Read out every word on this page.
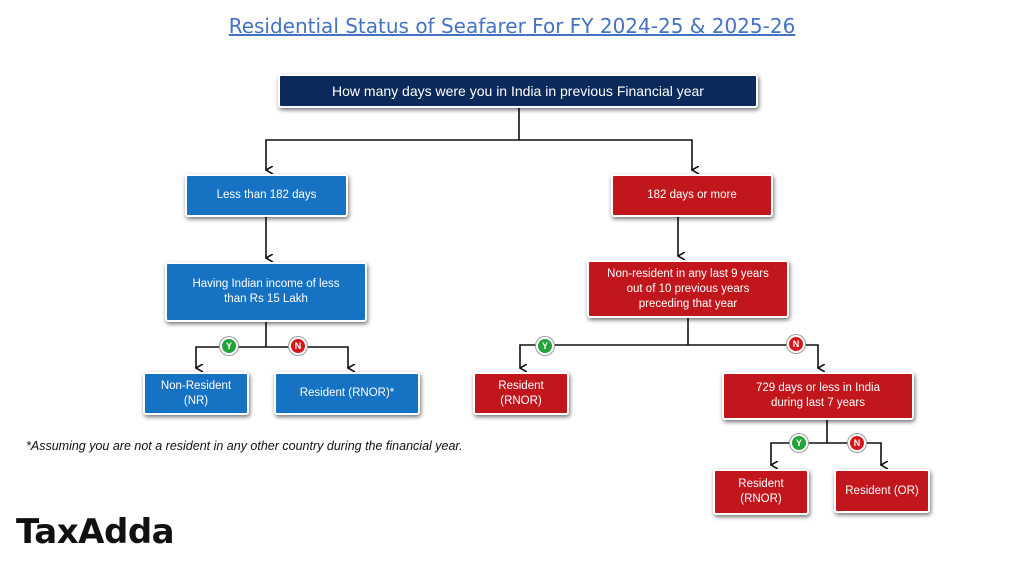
Residential Status of Seafarer For FY 2024-25 & 2025-26
How many days were you in India in previous Financial year
Less than 182 days	182 days or more
Having Indian income of less than Rs 15 Lakh
Non-resident in any last 9 years out of 10 previous years preceding that year
Y	N	Y	N
Y	N
Non-Resident (NR)
Resident (RNOR)*
Resident (RNOR)
729 days or less in India during last 7 years
Resident (RNOR)
Resident (OR)
*Assuming you are not a resident in any other country during the financial year.
TaxAdda
